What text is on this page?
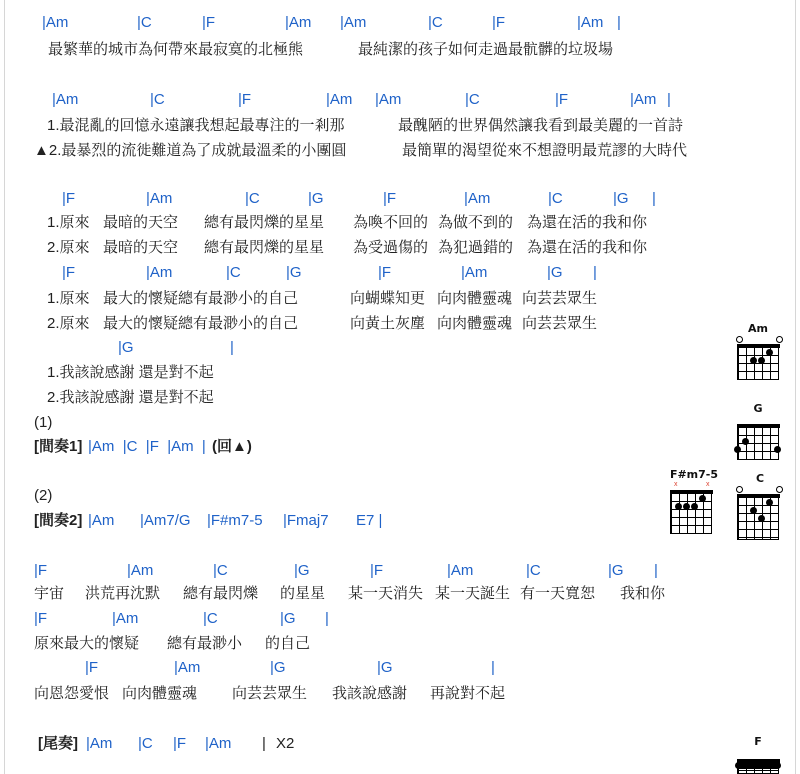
|Am	|C	|F	|Am |Am	|C	|F	|Am |
最繁華的城市為何帶來最寂寞的北極熊	最純潔的孩子如何走過最骯髒的垃圾場
|Am	|C	|F	|Am |Am	|C	|F	|Am |
1.最混亂的回憶永遠讓我想起最專注的一剎那	最醜陋的世界偶然讓我看到最美麗的一首詩
▲2.最暴烈的流徙難道為了成就最溫柔的小團圓	最簡單的渴望從來不想證明最荒謬的大時代
|F	|Am	|C	|G	|F	|Am	|C	|G |
1.原來 最暗的天空 總有最閃爍的星星 為喚不回的 為做不到的 為還在活的我和你
2.原來 最暗的天空 總有最閃爍的星星 為受過傷的 為犯過錯的 為還在活的我和你
|F	|Am	|C	|G	|F	|Am	|G |
1.原來 最大的懷疑總有最渺小的自己	向蝴蝶知更 向肉體靈魂 向芸芸眾生
2.原來 最大的懷疑總有最渺小的自己	向黃土灰塵 向肉體靈魂 向芸芸眾生
|G	|
1.我該說感謝 還是對不起
2.我該說感謝 還是對不起
(1)
[間奏1] |Am  |C  |F  |Am  | (回▲)
(2)
[間奏2] |Am |Am7/G |F#m7-5 |Fmaj7 E7 |
|F	|Am	|C	|G	|F	|Am	|C	|G |
宇宙 洪荒再沈默 總有最閃爍 的星星 某一天消失 某一天誕生 有一天寬恕 我和你
|F	|Am	|C	|G |
原來最大的懷疑 總有最渺小 的自己
|F	|Am	|G	|G	|
向恩怨愛恨 向肉體靈魂 向芸芸眾生 我該說感謝 再說對不起
[尾奏] |Am |C |F |Am | X2
Am
G
F#m7-5
x	x	C
F
